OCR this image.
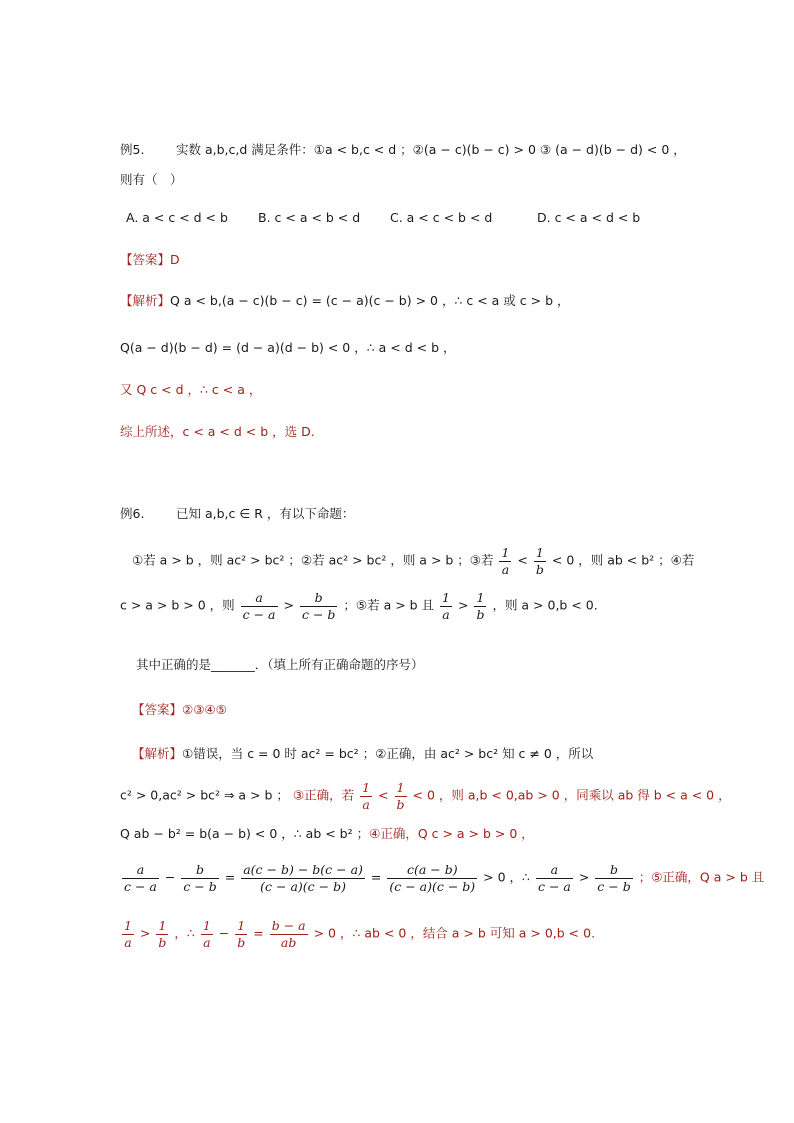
例5.	实数 a,b,c,d 满足条件：①a < b,c < d ；②(a − c)(b − c) > 0 ③ (a − d)(b − d) < 0 ，
则有（　）
A. a < c < d < b B. c < a < b < d C. a < c < b < d	D. c < a < d < b
【答案】D
【解析】Q a < b,(a − c)(b − c) = (c − a)(c − b) > 0 ，∴ c < a 或 c > b ，
Q(a − d)(b − d) = (d − a)(d − b) < 0 ，∴ a < d < b ，
又 Q c < d ，∴ c < a ，
综上所述，c < a < d < b ，选 D.
例6.	已知 a,b,c ∈ R ，有以下命题：
①若 a > b ，则 ac² > bc² ；②若 ac² > bc² ，则 a > b ；③若 $\frac{1}{a} < \frac{1}{b} < 0$ ，则 ab < b² ；④若
c > a > b > 0 ，则 $\frac{a}{c - a} > \frac{b}{c - b}$ ；⑤若 a > b 且 $\frac{1}{a} > \frac{1}{b}$ ，则 a > 0,b < 0.
其中正确的是_______．（填上所有正确命题的序号）
【答案】②③④⑤
【解析】①错误，当 c = 0 时 ac² = bc² ；②正确，由 ac² > bc² 知 c ≠ 0 ，所以
c² > 0,ac² > bc² ⇒ a > b ； ③正确，若 $\frac{1}{a} < \frac{1}{b} < 0$ ，则 a,b < 0,ab > 0 ，同乘以 ab 得 b < a < 0 ，
Q ab − b² = b(a − b) < 0 ，∴ ab < b² ；④正确，Q c > a > b > 0 ，
$\frac{a}{c - a} - \frac{b}{c - b} = \frac{a(c - b) - b(c - a)}{(c - a)(c - b)} = \frac{c(a - b)}{(c - a)(c - b)} > 0$ ，∴ $\frac{a}{c - a} > \frac{b}{c - b}$ ；⑤正确，Q a > b 且
$\frac{1}{a} > \frac{1}{b}$ ，∴ $\frac{1}{a} - \frac{1}{b} = \frac{b - a}{ab} > 0$ ，∴ ab < 0 ，结合 a > b 可知 a > 0,b < 0.
